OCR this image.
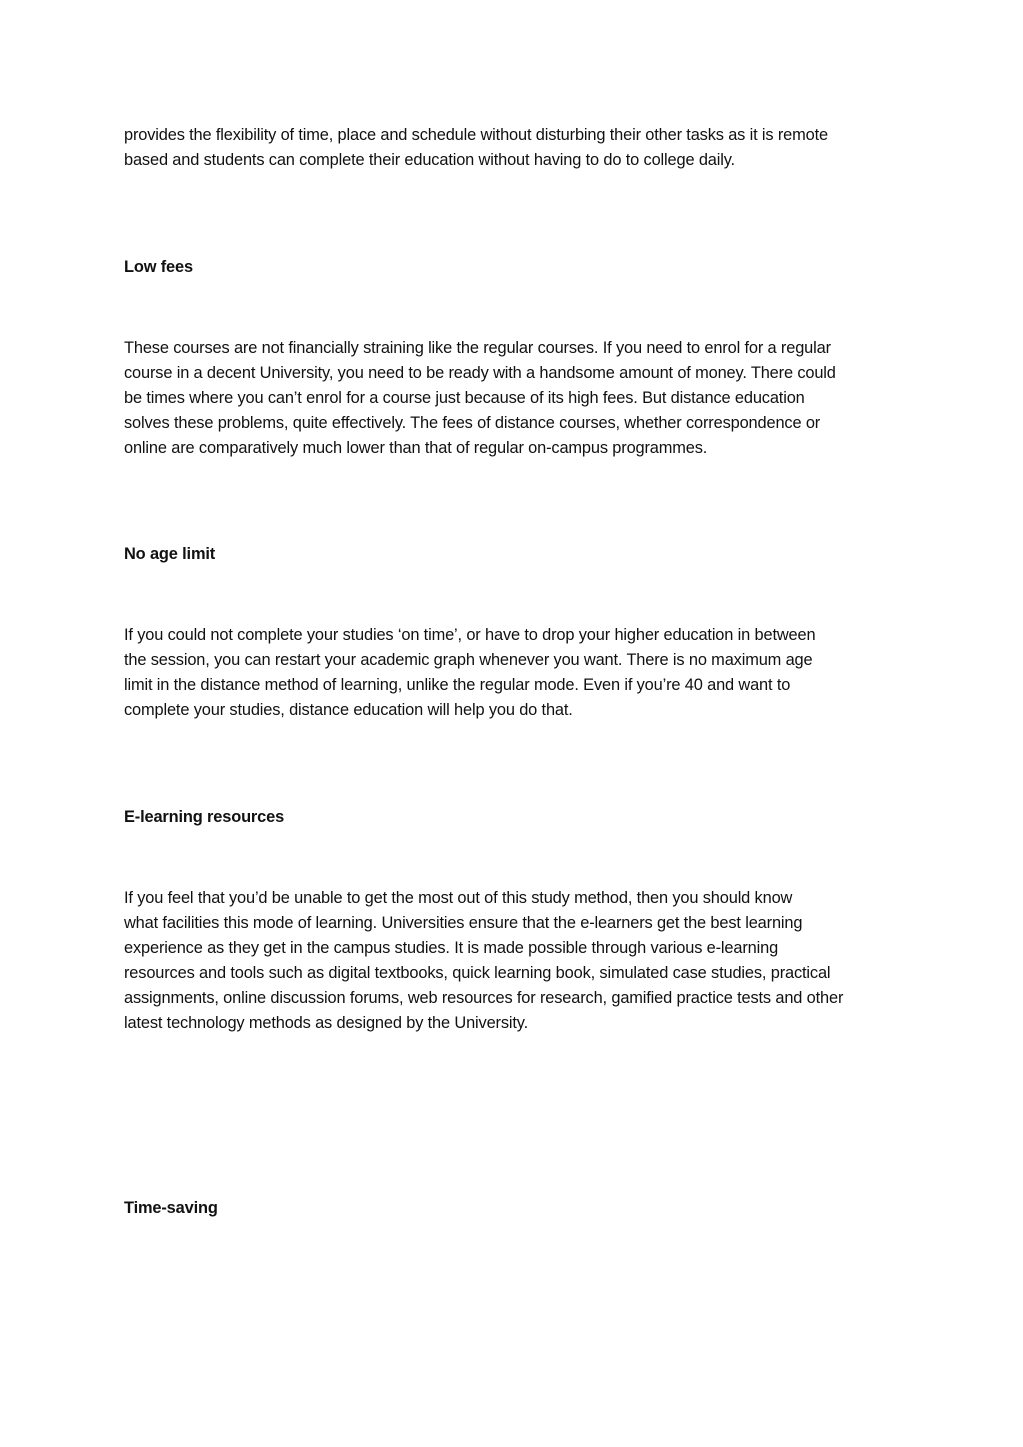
provides the flexibility of time, place and schedule without disturbing their other tasks as it is remote
based and students can complete their education without having to do to college daily.
Low fees
These courses are not financially straining like the regular courses. If you need to enrol for a regular
course in a decent University, you need to be ready with a handsome amount of money. There could
be times where you can’t enrol for a course just because of its high fees. But distance education
solves these problems, quite effectively. The fees of distance courses, whether correspondence or
online are comparatively much lower than that of regular on-campus programmes.
No age limit
If you could not complete your studies ‘on time’, or have to drop your higher education in between
the session, you can restart your academic graph whenever you want. There is no maximum age
limit in the distance method of learning, unlike the regular mode. Even if you’re 40 and want to
complete your studies, distance education will help you do that.
E-learning resources
If you feel that you’d be unable to get the most out of this study method, then you should know
what facilities this mode of learning. Universities ensure that the e-learners get the best learning
experience as they get in the campus studies. It is made possible through various e-learning
resources and tools such as digital textbooks, quick learning book, simulated case studies, practical
assignments, online discussion forums, web resources for research, gamified practice tests and other
latest technology methods as designed by the University.
Time-saving
